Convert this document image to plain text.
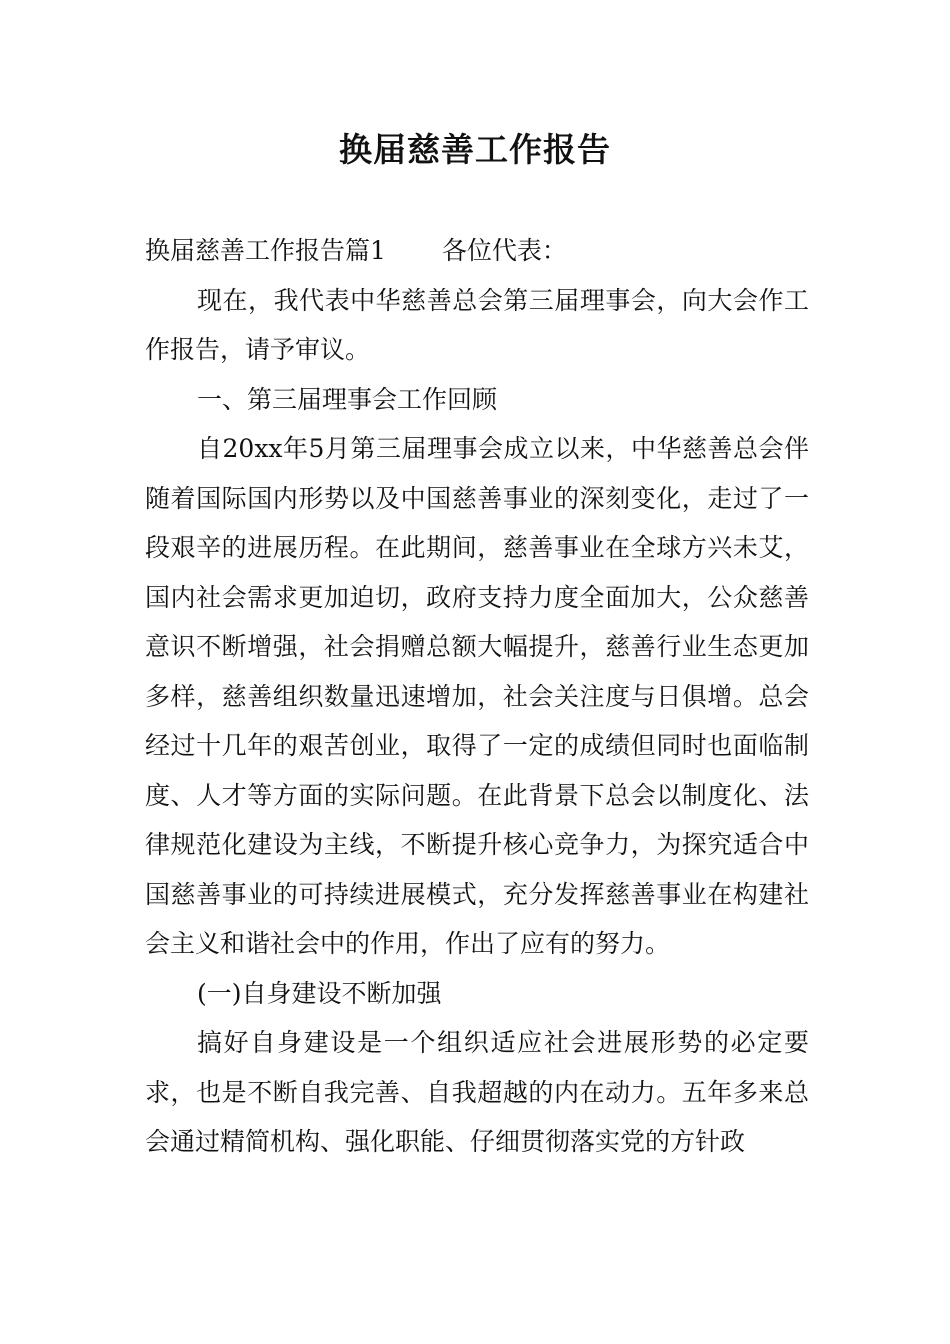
换届慈善工作报告

换届慈善工作报告篇1 各位代表：

现在，我代表中华慈善总会第三届理事会，向大会作工作报告，请予审议。

一、第三届理事会工作回顾

自20xx年5月第三届理事会成立以来，中华慈善总会伴随着国际国内形势以及中国慈善事业的深刻变化，走过了一段艰辛的进展历程。在此期间，慈善事业在全球方兴未艾，国内社会需求更加迫切，政府支持力度全面加大，公众慈善意识不断增强，社会捐赠总额大幅提升，慈善行业生态更加多样，慈善组织数量迅速增加，社会关注度与日俱增。总会经过十几年的艰苦创业，取得了一定的成绩但同时也面临制度、人才等方面的实际问题。在此背景下总会以制度化、法律规范化建设为主线，不断提升核心竞争力，为探究适合中国慈善事业的可持续进展模式，充分发挥慈善事业在构建社会主义和谐社会中的作用，作出了应有的努力。

(一)自身建设不断加强

搞好自身建设是一个组织适应社会进展形势的必定要求，也是不断自我完善、自我超越的内在动力。五年多来总会通过精简机构、强化职能、仔细贯彻落实党的方针政
